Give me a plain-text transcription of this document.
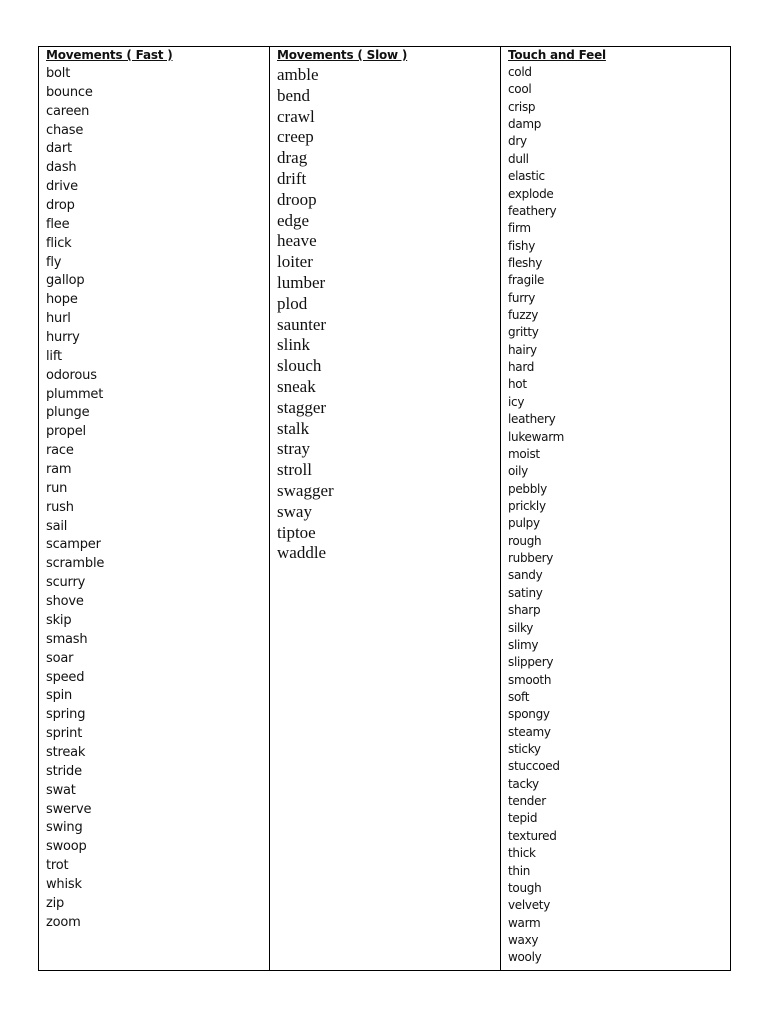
Movements ( Fast )
bolt
bounce
careen
chase
dart
dash
drive
drop
flee
flick
fly
gallop
hope
hurl
hurry
lift
odorous
plummet
plunge
propel
race
ram
run
rush
sail
scamper
scramble
scurry
shove
skip
smash
soar
speed
spin
spring
sprint
streak
stride
swat
swerve
swing
swoop
trot
whisk
zip
zoom
Movements ( Slow )
amble
bend
crawl
creep
drag
drift
droop
edge
heave
loiter
lumber
plod
saunter
slink
slouch
sneak
stagger
stalk
stray
stroll
swagger
sway
tiptoe
waddle
Touch and Feel
cold
cool
crisp
damp
dry
dull
elastic
explode
feathery
firm
fishy
fleshy
fragile
furry
fuzzy
gritty
hairy
hard
hot
icy
leathery
lukewarm
moist
oily
pebbly
prickly
pulpy
rough
rubbery
sandy
satiny
sharp
silky
slimy
slippery
smooth
soft
spongy
steamy
sticky
stuccoed
tacky
tender
tepid
textured
thick
thin
tough
velvety
warm
waxy
wooly
